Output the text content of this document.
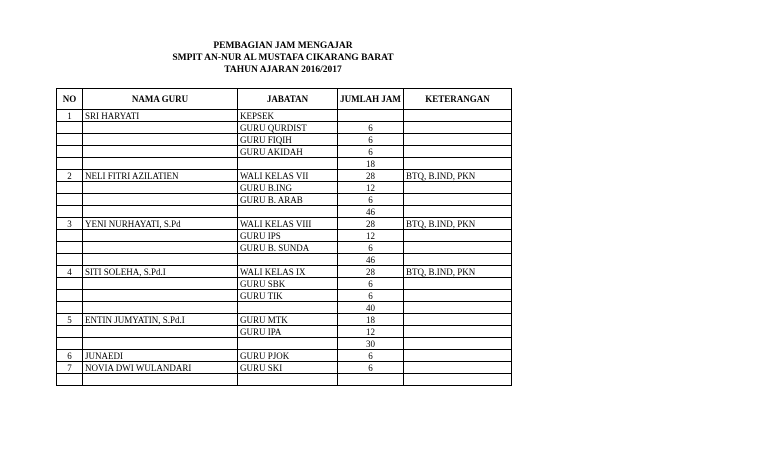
PEMBAGIAN JAM MENGAJAR
SMPIT AN-NUR AL MUSTAFA CIKARANG BARAT
TAHUN AJARAN 2016/2017
NO	NAMA GURU	JABATAN	JUMLAH JAM	KETERANGAN
1	SRI HARYATI	KEPSEK		
		GURU QURDIST	6	
		GURU FIQIH	6	
		GURU AKIDAH	6	
			18	
2	NELI FITRI AZILATIEN	WALI KELAS VII	28	BTQ, B.IND, PKN
		GURU B.ING	12	
		GURU B. ARAB	6	
			46	
3	YENI NURHAYATI, S.Pd	WALI KELAS VIII	28	BTQ, B.IND, PKN
		GURU IPS	12	
		GURU B. SUNDA	6	
			46	
4	SITI SOLEHA, S.Pd.I	WALI KELAS IX	28	BTQ, B.IND, PKN
		GURU SBK	6	
		GURU TIK	6	
			40	
5	ENTIN JUMYATIN, S.Pd.I	GURU MTK	18	
		GURU IPA	12	
			30	
6	JUNAEDI	GURU PJOK	6	
7	NOVIA DWI WULANDARI	GURU SKI	6	
